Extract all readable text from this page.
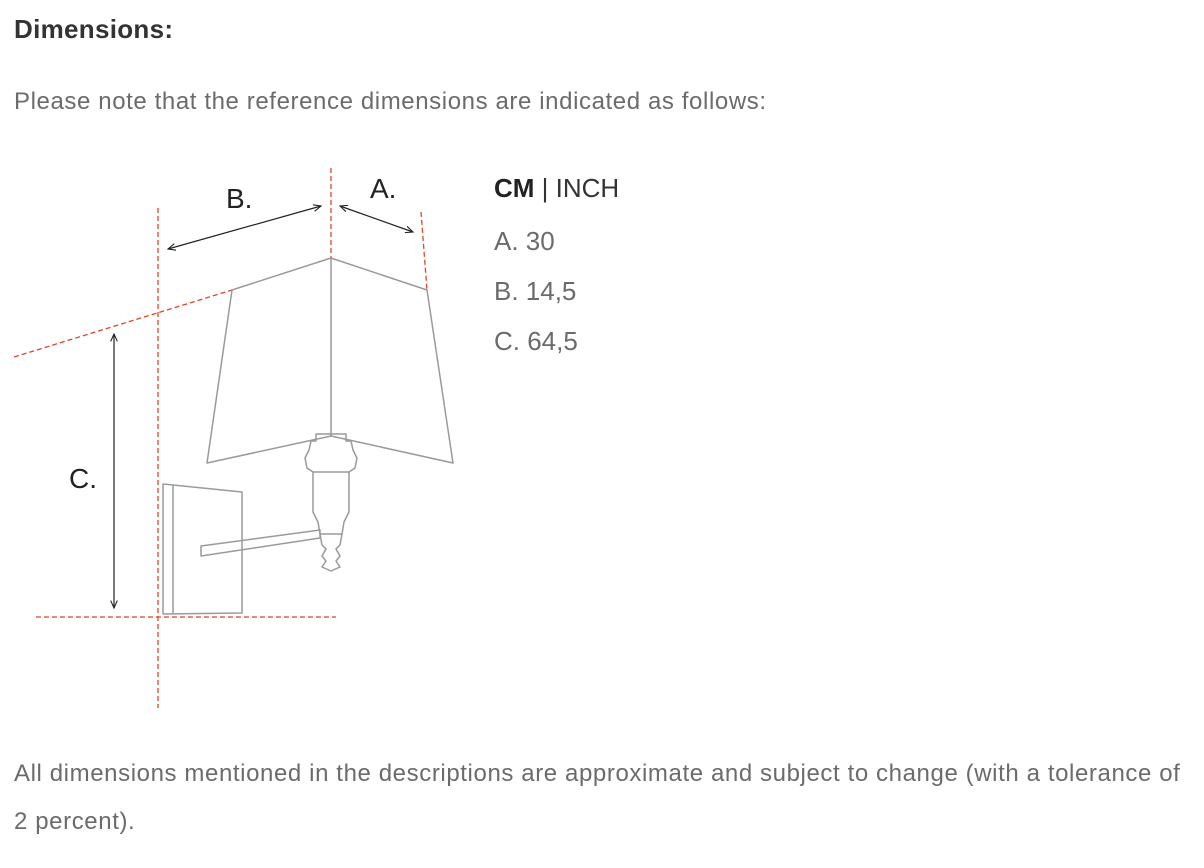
Dimensions:
Please note that the reference dimensions are indicated as follows:
B.	A.
C.
CM | INCH
A. 30
B. 14,5
C. 64,5
All dimensions mentioned in the descriptions are approximate and subject to change (with a tolerance of 2 percent).
